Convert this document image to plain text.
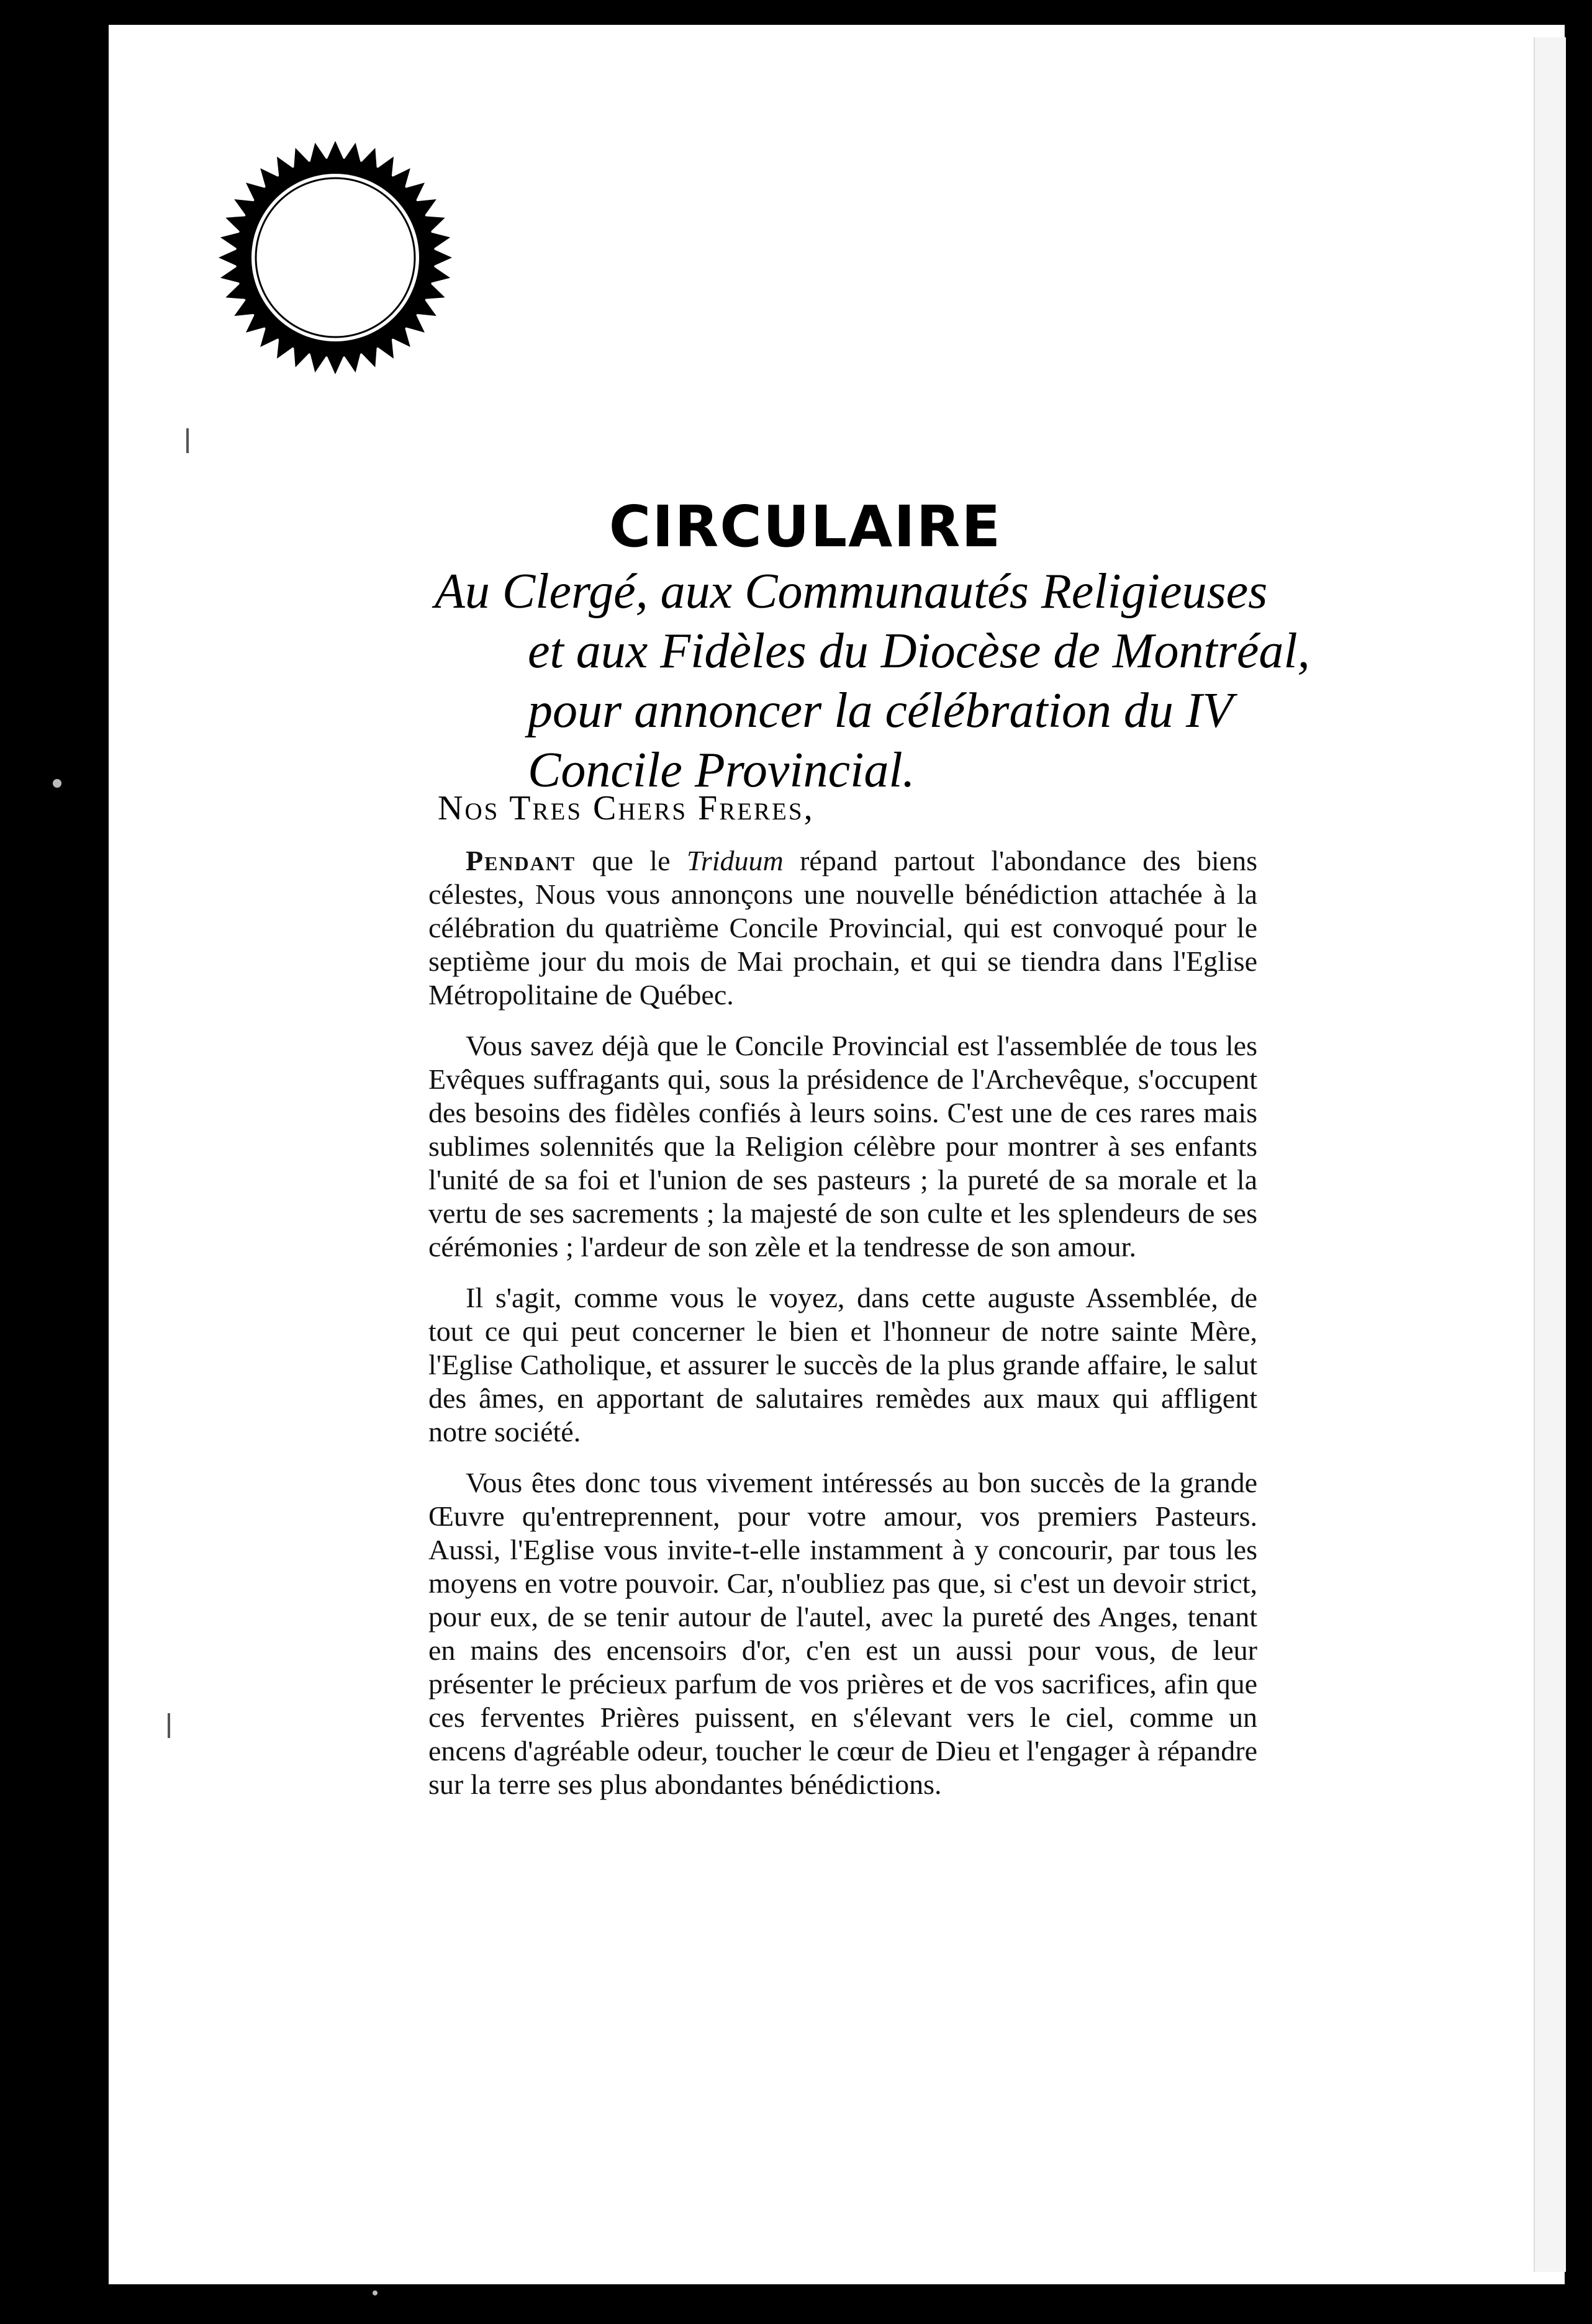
CIRCULAIRE
Au Clergé, aux Communautés Religieuses
et aux Fidèles du Diocèse de Montréal,
pour annoncer la célébration du IV
Concile Provincial.
Nos Tres Chers Freres,

Pendant que le Triduum répand partout l'abondance des biens célestes, Nous vous annonçons une nouvelle bénédiction attachée à la célébration du quatrième Concile Provincial, qui est convoqué pour le septième jour du mois de Mai prochain, et qui se tiendra dans l'Eglise Métropolitaine de Québec.

Vous savez déjà que le Concile Provincial est l'assemblée de tous les Evêques suffragants qui, sous la présidence de l'Archevêque, s'occupent des besoins des fidèles confiés à leurs soins. C'est une de ces rares mais sublimes solennités que la Religion célèbre pour montrer à ses enfants l'unité de sa foi et l'union de ses pasteurs ; la pureté de sa morale et la vertu de ses sacrements ; la majesté de son culte et les splendeurs de ses cérémonies ; l'ardeur de son zèle et la tendresse de son amour.

Il s'agit, comme vous le voyez, dans cette auguste Assemblée, de tout ce qui peut concerner le bien et l'honneur de notre sainte Mère, l'Eglise Catholique, et assurer le succès de la plus grande affaire, le salut des âmes, en apportant de salutaires remèdes aux maux qui affligent notre société.

Vous êtes donc tous vivement intéressés au bon succès de la grande Œuvre qu'entreprennent, pour votre amour, vos premiers Pasteurs. Aussi, l'Eglise vous invite-t-elle instamment à y concourir, par tous les moyens en votre pouvoir. Car, n'oubliez pas que, si c'est un devoir strict, pour eux, de se tenir autour de l'autel, avec la pureté des Anges, tenant en mains des encensoirs d'or, c'en est un aussi pour vous, de leur présenter le précieux parfum de vos prières et de vos sacrifices, afin que ces ferventes Prières puissent, en s'élevant vers le ciel, comme un encens d'agréable odeur, toucher le cœur de Dieu et l'engager à répandre sur la terre ses plus abondantes bénédictions.
